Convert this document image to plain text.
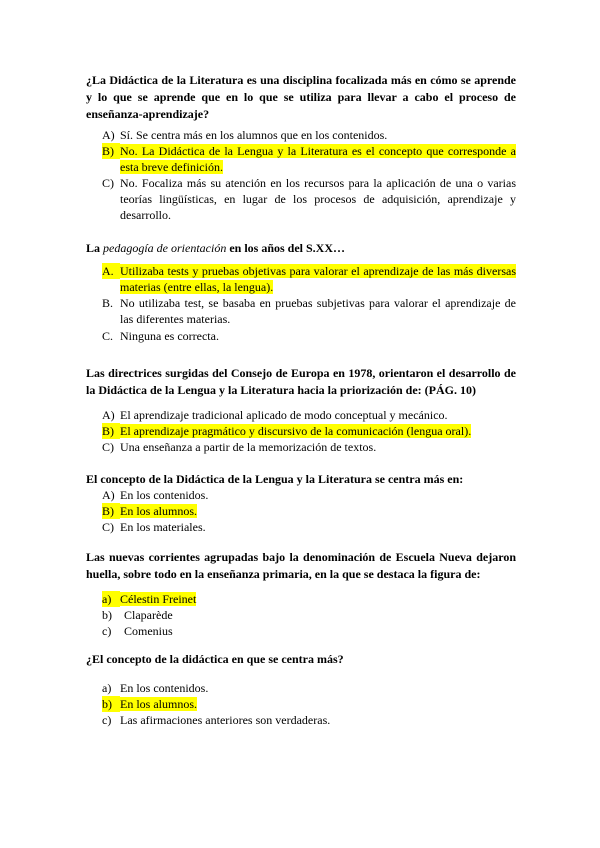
¿La Didáctica de la Literatura es una disciplina focalizada más en cómo se aprende y lo que se aprende que en lo que se utiliza para llevar a cabo el proceso de enseñanza-aprendizaje?
A) Sí. Se centra más en los alumnos que en los contenidos.
B) No. La Didáctica de la Lengua y la Literatura es el concepto que corresponde a esta breve definición.
C) No. Focaliza más su atención en los recursos para la aplicación de una o varias teorías lingüísticas, en lugar de los procesos de adquisición, aprendizaje y desarrollo.
La pedagogía de orientación en los años del S.XX…
A. Utilizaba tests y pruebas objetivas para valorar el aprendizaje de las más diversas materias (entre ellas, la lengua).
B. No utilizaba test, se basaba en pruebas subjetivas para valorar el aprendizaje de las diferentes materias.
C. Ninguna es correcta.
Las directrices surgidas del Consejo de Europa en 1978, orientaron el desarrollo de la Didáctica de la Lengua y la Literatura hacia la priorización de: (PÁG. 10)
A) El aprendizaje tradicional aplicado de modo conceptual y mecánico.
B) El aprendizaje pragmático y discursivo de la comunicación (lengua oral).
C) Una enseñanza a partir de la memorización de textos.
El concepto de la Didáctica de la Lengua y la Literatura se centra más en:
A) En los contenidos.
B) En los alumnos.
C) En los materiales.
Las nuevas corrientes agrupadas bajo la denominación de Escuela Nueva dejaron huella, sobre todo en la enseñanza primaria, en la que se destaca la figura de:
a) Célestin Freinet
b)	Claparède
c)	Comenius
¿El concepto de la didáctica en que se centra más?
a) En los contenidos.
b) En los alumnos.
c) Las afirmaciones anteriores son verdaderas.
